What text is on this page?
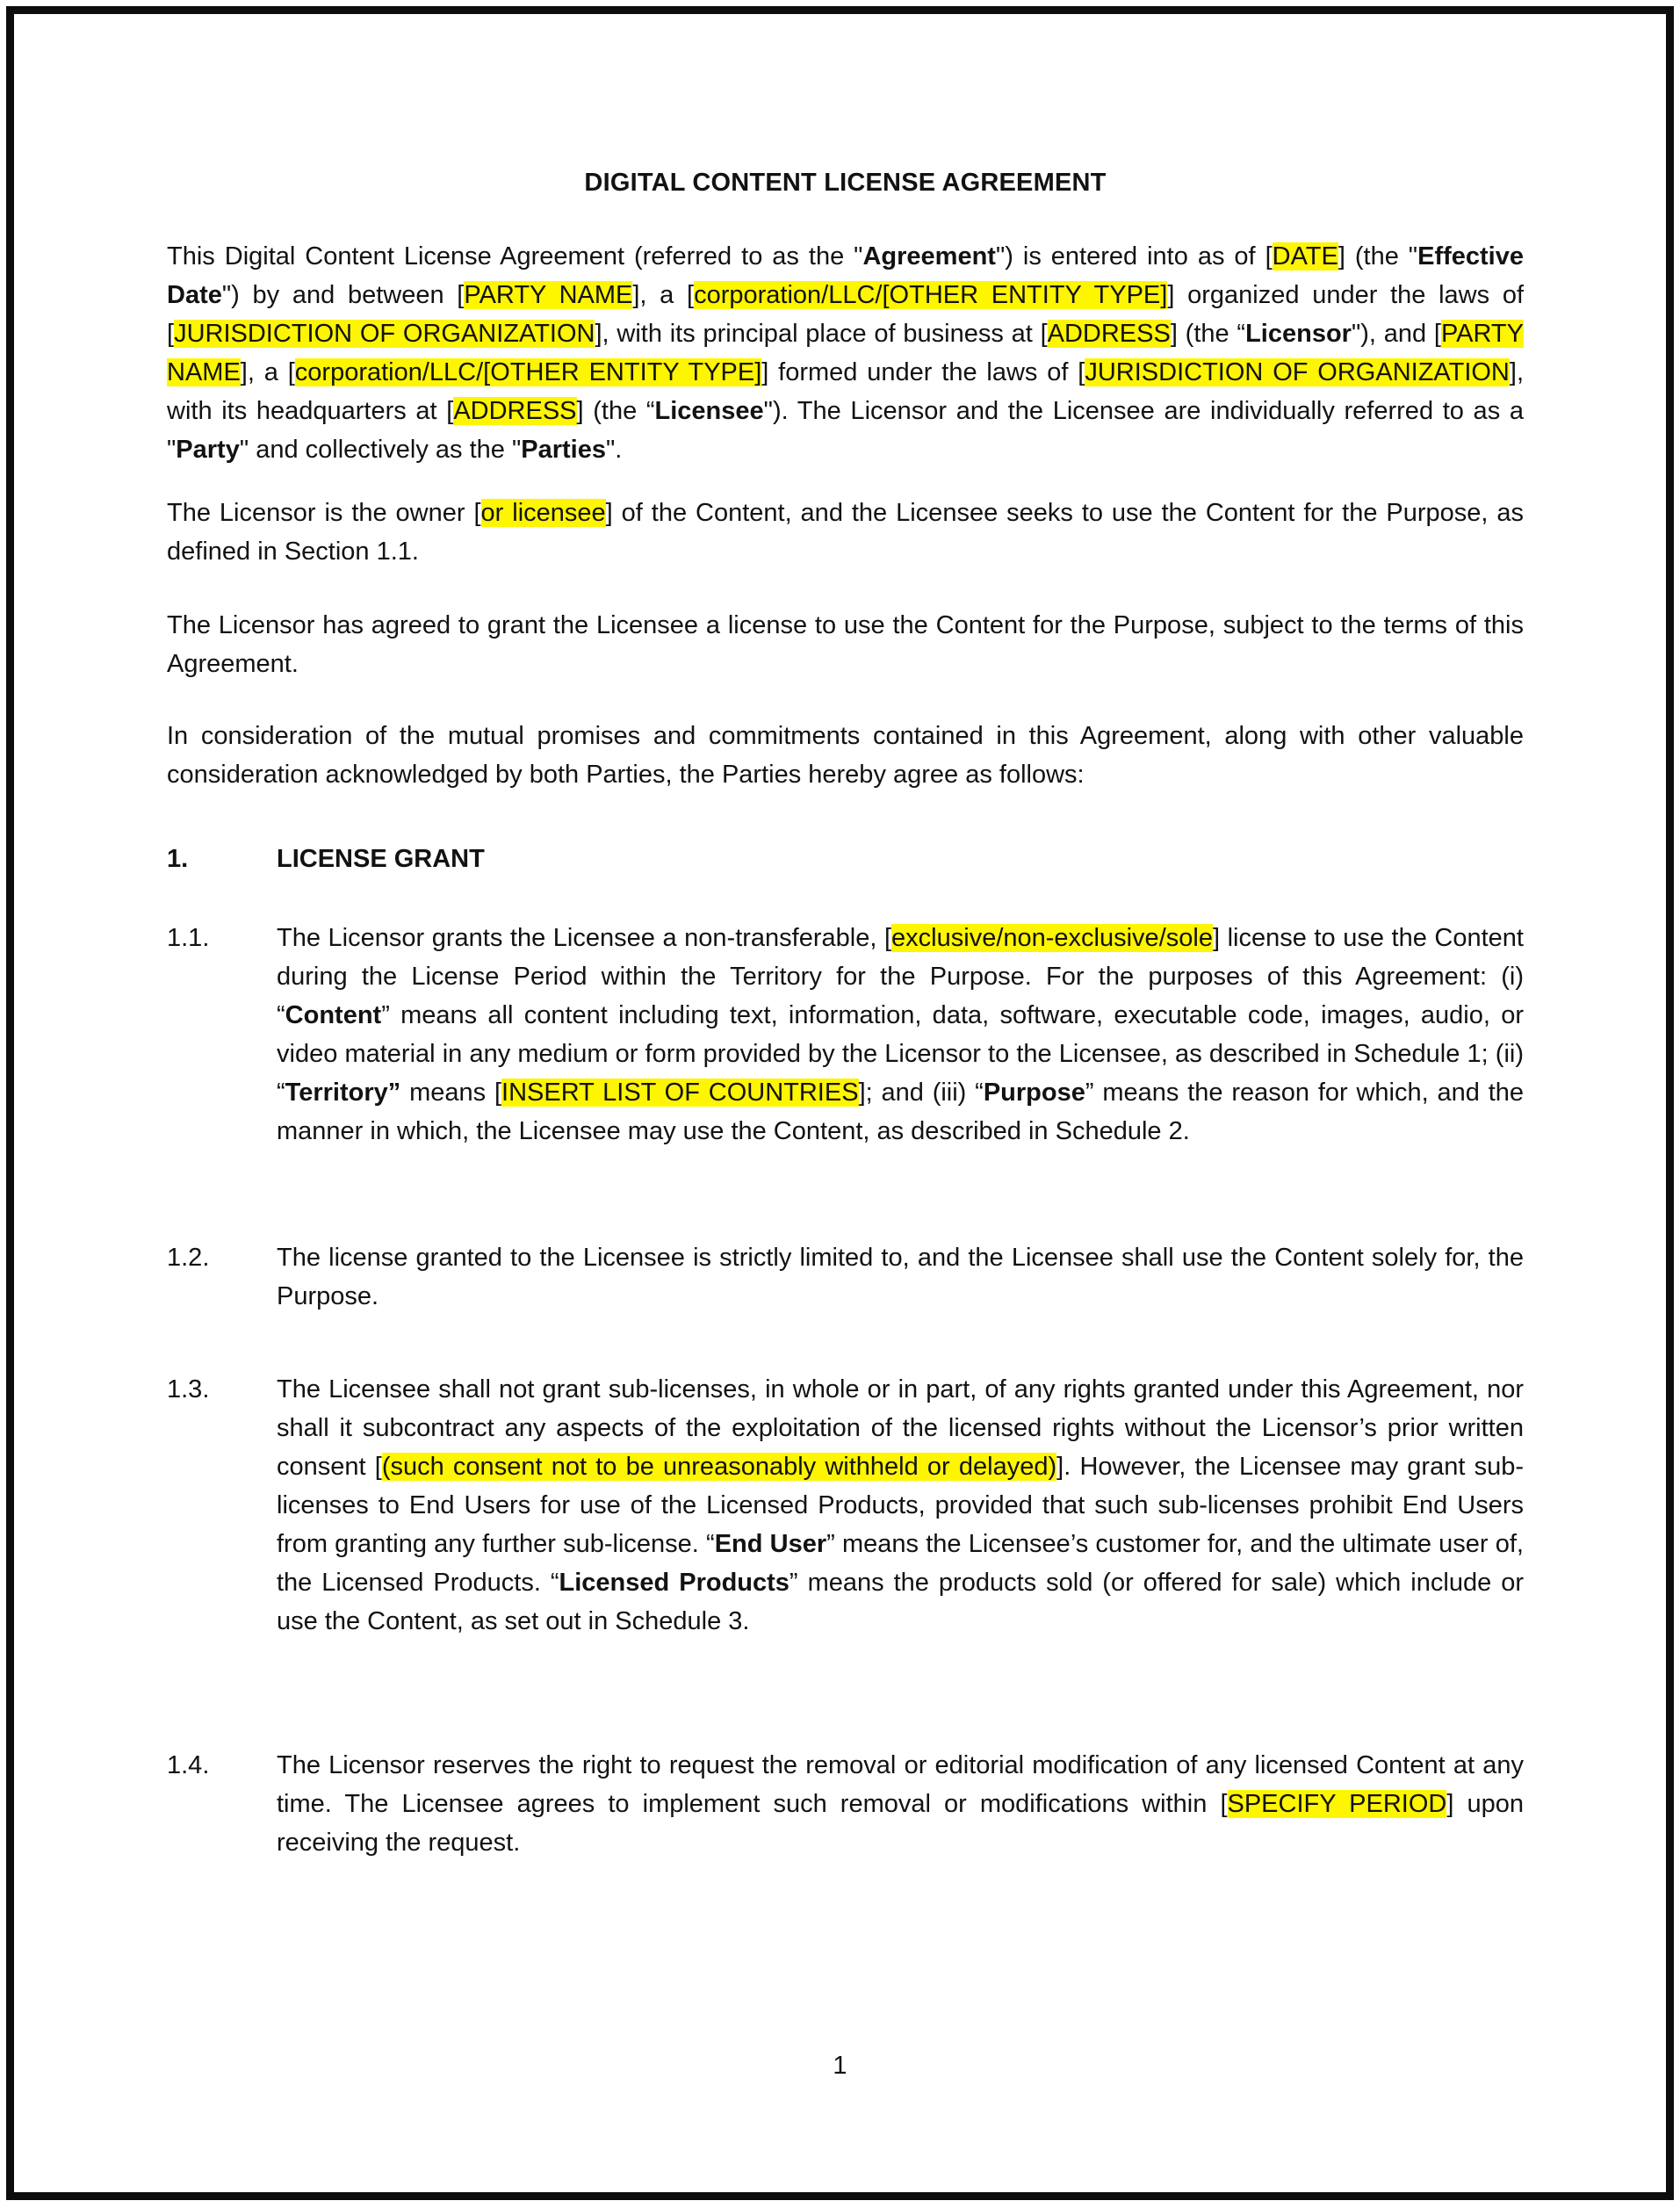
DIGITAL CONTENT LICENSE AGREEMENT
This Digital Content License Agreement (referred to as the "Agreement") is entered into as of [DATE] (the "Effective Date") by and between [PARTY NAME], a [corporation/LLC/[OTHER ENTITY TYPE]] organized under the laws of [JURISDICTION OF ORGANIZATION], with its principal place of business at [ADDRESS] (the “Licensor"), and [PARTY NAME], a [corporation/LLC/[OTHER ENTITY TYPE]] formed under the laws of [JURISDICTION OF ORGANIZATION], with its headquarters at [ADDRESS] (the “Licensee"). The Licensor and the Licensee are individually referred to as a "Party" and collectively as the "Parties".
The Licensor is the owner [or licensee] of the Content, and the Licensee seeks to use the Content for the Purpose, as defined in Section 1.1.
The Licensor has agreed to grant the Licensee a license to use the Content for the Purpose, subject to the terms of this Agreement.
In consideration of the mutual promises and commitments contained in this Agreement, along with other valuable consideration acknowledged by both Parties, the Parties hereby agree as follows:
1.	LICENSE GRANT
1.1.	The Licensor grants the Licensee a non-transferable, [exclusive/non-exclusive/sole] license to use the Content during the License Period within the Territory for the Purpose. For the purposes of this Agreement: (i) “Content” means all content including text, information, data, software, executable code, images, audio, or video material in any medium or form provided by the Licensor to the Licensee, as described in Schedule 1; (ii) “Territory” means [INSERT LIST OF COUNTRIES]; and (iii) “Purpose” means the reason for which, and the manner in which, the Licensee may use the Content, as described in Schedule 2.
1.2.	The license granted to the Licensee is strictly limited to, and the Licensee shall use the Content solely for, the Purpose.
1.3.	The Licensee shall not grant sub-licenses, in whole or in part, of any rights granted under this Agreement, nor shall it subcontract any aspects of the exploitation of the licensed rights without the Licensor’s prior written consent [(such consent not to be unreasonably withheld or delayed)]. However, the Licensee may grant sub-licenses to End Users for use of the Licensed Products, provided that such sub-licenses prohibit End Users from granting any further sub-license. “End User” means the Licensee’s customer for, and the ultimate user of, the Licensed Products. “Licensed Products” means the products sold (or offered for sale) which include or use the Content, as set out in Schedule 3.
1.4.	The Licensor reserves the right to request the removal or editorial modification of any licensed Content at any time. The Licensee agrees to implement such removal or modifications within [SPECIFY PERIOD] upon receiving the request.
1
